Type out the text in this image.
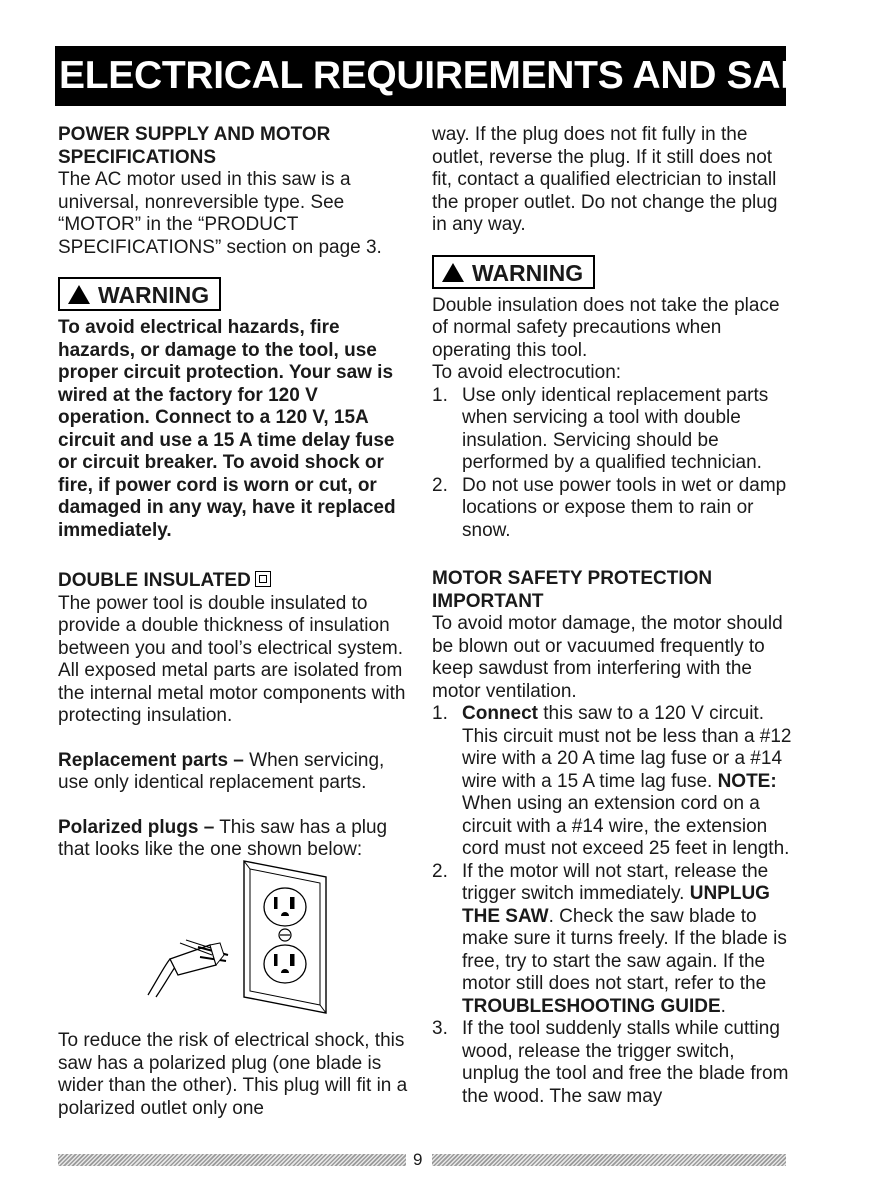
ELECTRICAL REQUIREMENTS AND SAFETY

POWER SUPPLY AND MOTOR
SPECIFICATIONS

The AC motor used in this saw is a universal, nonreversible type. See “MOTOR” in the “PRODUCT SPECIFICATIONS” section on page 3.

WARNING

To avoid electrical hazards, fire hazards, or damage to the tool, use proper circuit protection. Your saw is wired at the factory for 120 V operation. Connect to a 120 V, 15A circuit and use a 15 A time delay fuse or circuit breaker. To avoid shock or fire, if power cord is worn or cut, or damaged in any way, have it replaced immediately.

DOUBLE INSULATED

The power tool is double insulated to provide a double thickness of insulation between you and tool’s electrical system. All exposed metal parts are isolated from the internal metal motor components with protecting insulation.

Replacement parts – When servicing, use only identical replacement parts.

Polarized plugs – This saw has a plug that looks like the one shown below:

To reduce the risk of electrical shock, this saw has a polarized plug (one blade is wider than the other). This plug will fit in a polarized outlet only one

way. If the plug does not fit fully in the outlet, reverse the plug. If it still does not fit, contact a qualified electrician to install the proper outlet. Do not change the plug in any way.

WARNING

Double insulation does not take the place of normal safety precautions when operating this tool.

To avoid electrocution:

1. Use only identical replacement parts when servicing a tool with double insulation. Servicing should be performed by a qualified technician.
2. Do not use power tools in wet or damp locations or expose them to rain or snow.

MOTOR SAFETY PROTECTION
IMPORTANT

To avoid motor damage, the motor should be blown out or vacuumed frequently to keep sawdust from interfering with the motor ventilation.

1. Connect this saw to a 120 V circuit. This circuit must not be less than a #12 wire with a 20 A time lag fuse or a #14 wire with a 15 A time lag fuse. NOTE: When using an extension cord on a circuit with a #14 wire, the extension cord must not exceed 25 feet in length.
2. If the motor will not start, release the trigger switch immediately. UNPLUG THE SAW. Check the saw blade to make sure it turns freely. If the blade is free, try to start the saw again. If the motor still does not start, refer to the TROUBLESHOOTING GUIDE.
3. If the tool suddenly stalls while cutting wood, release the trigger switch, unplug the tool and free the blade from the wood. The saw may
9
